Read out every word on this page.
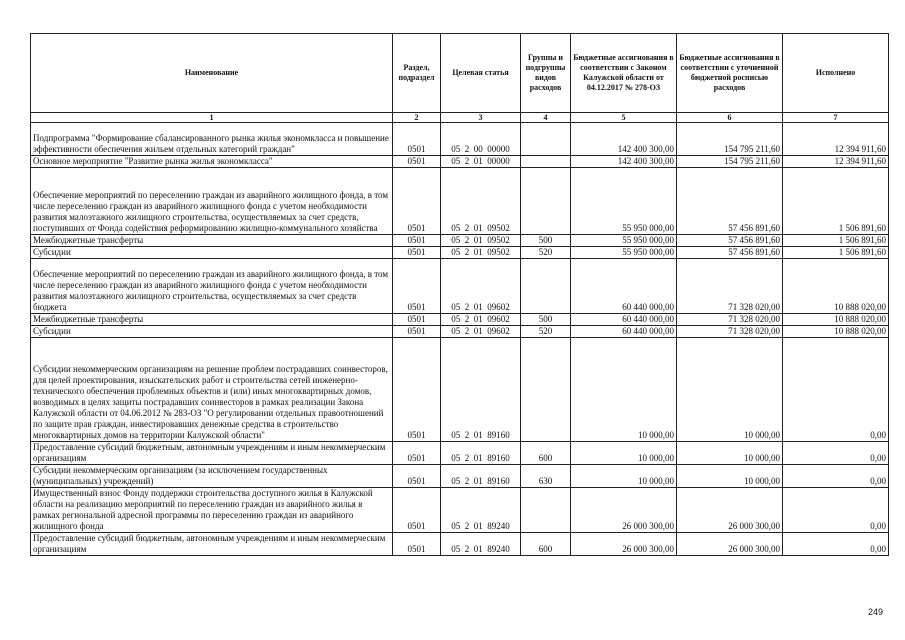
Наименование	Раздел, подраздел	Целевая статья	Группы и подгруппы видов расходов	Бюджетные ассигнования в соответствии с Законом Калужской области от 04.12.2017 № 278-ОЗ	Бюджетные ассигнования в соответствии с уточненной бюджетной росписью расходов	Исполнено
1	2	3	4	5	6	7
Подпрограмма "Формирование сбалансированного рынка жилья экономкласса и повышение эффективности обеспечения жильем отдельных категорий граждан"	0501	05  2  00  00000		142 400 300,00	154 795 211,60	12 394 911,60
Основное мероприятие "Развитие рынка жилья экономкласса"	0501	05  2  01  00000		142 400 300,00	154 795 211,60	12 394 911,60
Обеспечение мероприятий по переселению граждан из аварийного жилищного фонда, в том числе переселению граждан из аварийного жилищного фонда с учетом необходимости развития малоэтажного жилищного строительства, осуществляемых за счет средств, поступивших от Фонда содействия реформированию жилищно-коммунального хозяйства	0501	05  2  01  09502		55 950 000,00	57 456 891,60	1 506 891,60
Межбюджетные трансферты	0501	05  2  01  09502	500	55 950 000,00	57 456 891,60	1 506 891,60
Субсидии	0501	05  2  01  09502	520	55 950 000,00	57 456 891,60	1 506 891,60
Обеспечение мероприятий по переселению граждан из аварийного жилищного фонда, в том числе переселению граждан из аварийного жилищного фонда с учетом необходимости развития малоэтажного жилищного строительства, осуществляемых за счет средств бюджета	0501	05  2  01  09602		60 440 000,00	71 328 020,00	10 888 020,00
Межбюджетные трансферты	0501	05  2  01  09602	500	60 440 000,00	71 328 020,00	10 888 020,00
Субсидии	0501	05  2  01  09602	520	60 440 000,00	71 328 020,00	10 888 020,00
Субсидии некоммерческим организациям на решение проблем пострадавших соинвесторов, для целей проектирования, изыскательских работ и строительства сетей инженерно-технического обеспечения проблемных объектов и (или) иных многоквартирных домов, возводимых в целях защиты пострадавших соинвесторов в рамках реализации Закона Калужской области от 04.06.2012 № 283-ОЗ "О регулировании отдельных правоотношений по защите прав граждан, инвестировавших денежные средства в строительство многоквартирных домов на территории Калужской области"	0501	05  2  01  89160		10 000,00	10 000,00	0,00
Предоставление субсидий бюджетным, автономным учреждениям и иным некоммерческим организациям	0501	05  2  01  89160	600	10 000,00	10 000,00	0,00
Субсидии некоммерческим организациям (за исключением государственных (муниципальных) учреждений)	0501	05  2  01  89160	630	10 000,00	10 000,00	0,00
Имущественный взнос Фонду поддержки строительства доступного жилья в Калужской области на реализацию мероприятий по переселению граждан из аварийного жилья в рамках региональной адресной программы по переселению граждан из аварийного жилищного фонда	0501	05  2  01  89240		26 000 300,00	26 000 300,00	0,00
Предоставление субсидий бюджетным, автономным учреждениям и иным некоммерческим организациям	0501	05  2  01  89240	600	26 000 300,00	26 000 300,00	0,00
249
